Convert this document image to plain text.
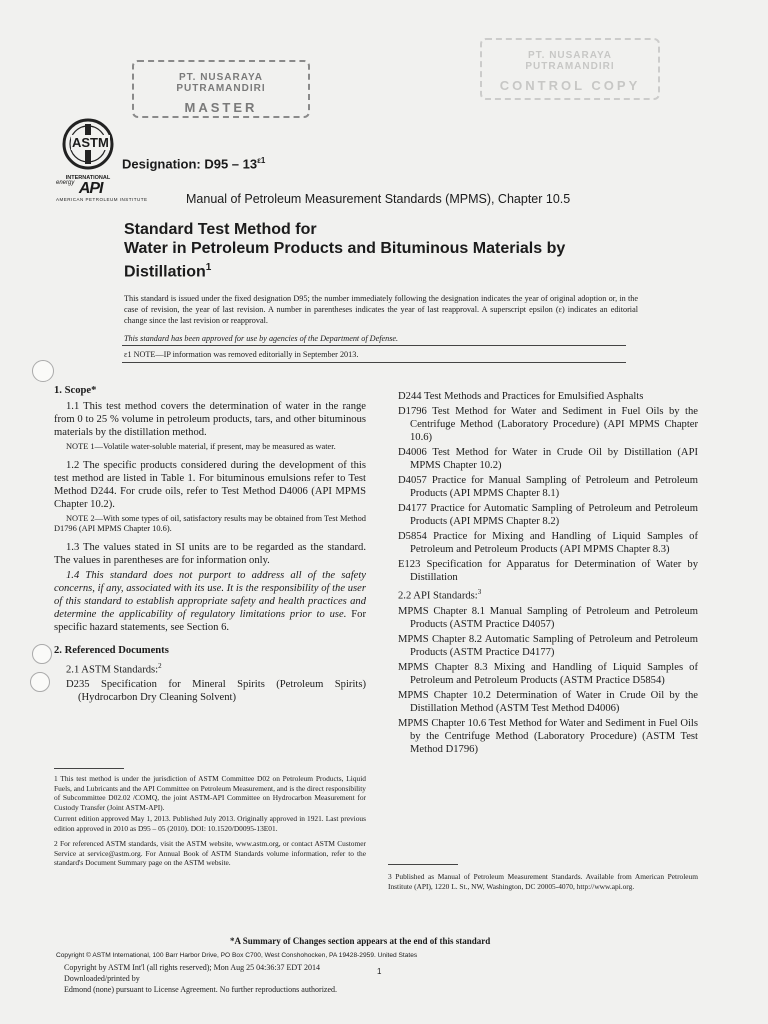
PT. NUSARAYA PUTRAMANDIRI
MASTER
PT. NUSARAYA PUTRAMANDIRI
CONTROL COPY
ASTM
INTERNATIONAL
$^{energy}$ API
AMERICAN PETROLEUM INSTITUTE
Designation: $D95 - 13^{\varepsilon 1}$
Manual of Petroleum Measurement Standards (MPMS), Chapter 10.5
Standard Test Method for
Water in Petroleum Products and Bituminous Materials by
Distillation$^1$
This standard is issued under the fixed designation D95; the number immediately following the designation indicates the year of original adoption or, in the case of revision, the year of last revision. A number in parentheses indicates the year of last reapproval. A superscript epsilon (ε) indicates an editorial change since the last revision or reapproval.
This standard has been approved for use by agencies of the Department of Defense.
ε1 NOTE—IP information was removed editorially in September 2013.
1. Scope*

1.1 This test method covers the determination of water in the range from 0 to 25 % volume in petroleum products, tars, and other bituminous materials by the distillation method.

NOTE 1—Volatile water-soluble material, if present, may be measured as water.

1.2 The specific products considered during the development of this test method are listed in Table 1. For bituminous emulsions refer to Test Method D244. For crude oils, refer to Test Method D4006 (API MPMS Chapter 10.2).

NOTE 2—With some types of oil, satisfactory results may be obtained from Test Method D1796 (API MPMS Chapter 10.6).

1.3 The values stated in SI units are to be regarded as the standard. The values in parentheses are for information only.

1.4 This standard does not purport to address all of the safety concerns, if any, associated with its use. It is the responsibility of the user of this standard to establish appropriate safety and health practices and determine the applicability of regulatory limitations prior to use. For specific hazard statements, see Section 6.

2. Referenced Documents

2.1 ASTM Standards:$^2$

D235 Specification for Mineral Spirits (Petroleum Spirits) (Hydrocarbon Dry Cleaning Solvent)

D244 Test Methods and Practices for Emulsified Asphalts

D1796 Test Method for Water and Sediment in Fuel Oils by the Centrifuge Method (Laboratory Procedure) (API MPMS Chapter 10.6)

D4006 Test Method for Water in Crude Oil by Distillation (API MPMS Chapter 10.2)

D4057 Practice for Manual Sampling of Petroleum and Petroleum Products (API MPMS Chapter 8.1)

D4177 Practice for Automatic Sampling of Petroleum and Petroleum Products (API MPMS Chapter 8.2)

D5854 Practice for Mixing and Handling of Liquid Samples of Petroleum and Petroleum Products (API MPMS Chapter 8.3)

E123 Specification for Apparatus for Determination of Water by Distillation

2.2 API Standards:$^3$

MPMS Chapter 8.1 Manual Sampling of Petroleum and Petroleum Products (ASTM Practice D4057)

MPMS Chapter 8.2 Automatic Sampling of Petroleum and Petroleum Products (ASTM Practice D4177)

MPMS Chapter 8.3 Mixing and Handling of Liquid Samples of Petroleum and Petroleum Products (ASTM Practice D5854)

MPMS Chapter 10.2 Determination of Water in Crude Oil by the Distillation Method (ASTM Test Method D4006)

MPMS Chapter 10.6 Test Method for Water and Sediment in Fuel Oils by the Centrifuge Method (Laboratory Procedure) (ASTM Test Method D1796)

1 This test method is under the jurisdiction of ASTM Committee D02 on Petroleum Products, Liquid Fuels, and Lubricants and the API Committee on Petroleum Measurement, and is the direct responsibility of Subcommittee D02.02 /COMQ, the joint ASTM-API Committee on Hydrocarbon Measurement for Custody Transfer (Joint ASTM-API).

Current edition approved May 1, 2013. Published July 2013. Originally approved in 1921. Last previous edition approved in 2010 as D95 – 05 (2010). DOI: 10.1520/D0095-13E01.

2 For referenced ASTM standards, visit the ASTM website, www.astm.org, or contact ASTM Customer Service at service@astm.org. For Annual Book of ASTM Standards volume information, refer to the standard's Document Summary page on the ASTM website.

3 Published as Manual of Petroleum Measurement Standards. Available from American Petroleum Institute (API), 1220 L. St., NW, Washington, DC 20005-4070, http://www.api.org.
*A Summary of Changes section appears at the end of this standard
Copyright © ASTM International, 100 Barr Harbor Drive, PO Box C700, West Conshohocken, PA 19428-2959. United States
1
Copyright by ASTM Int'l (all rights reserved); Mon Aug 25 04:36:37 EDT 2014
Downloaded/printed by
Edmond (none) pursuant to License Agreement. No further reproductions authorized.
